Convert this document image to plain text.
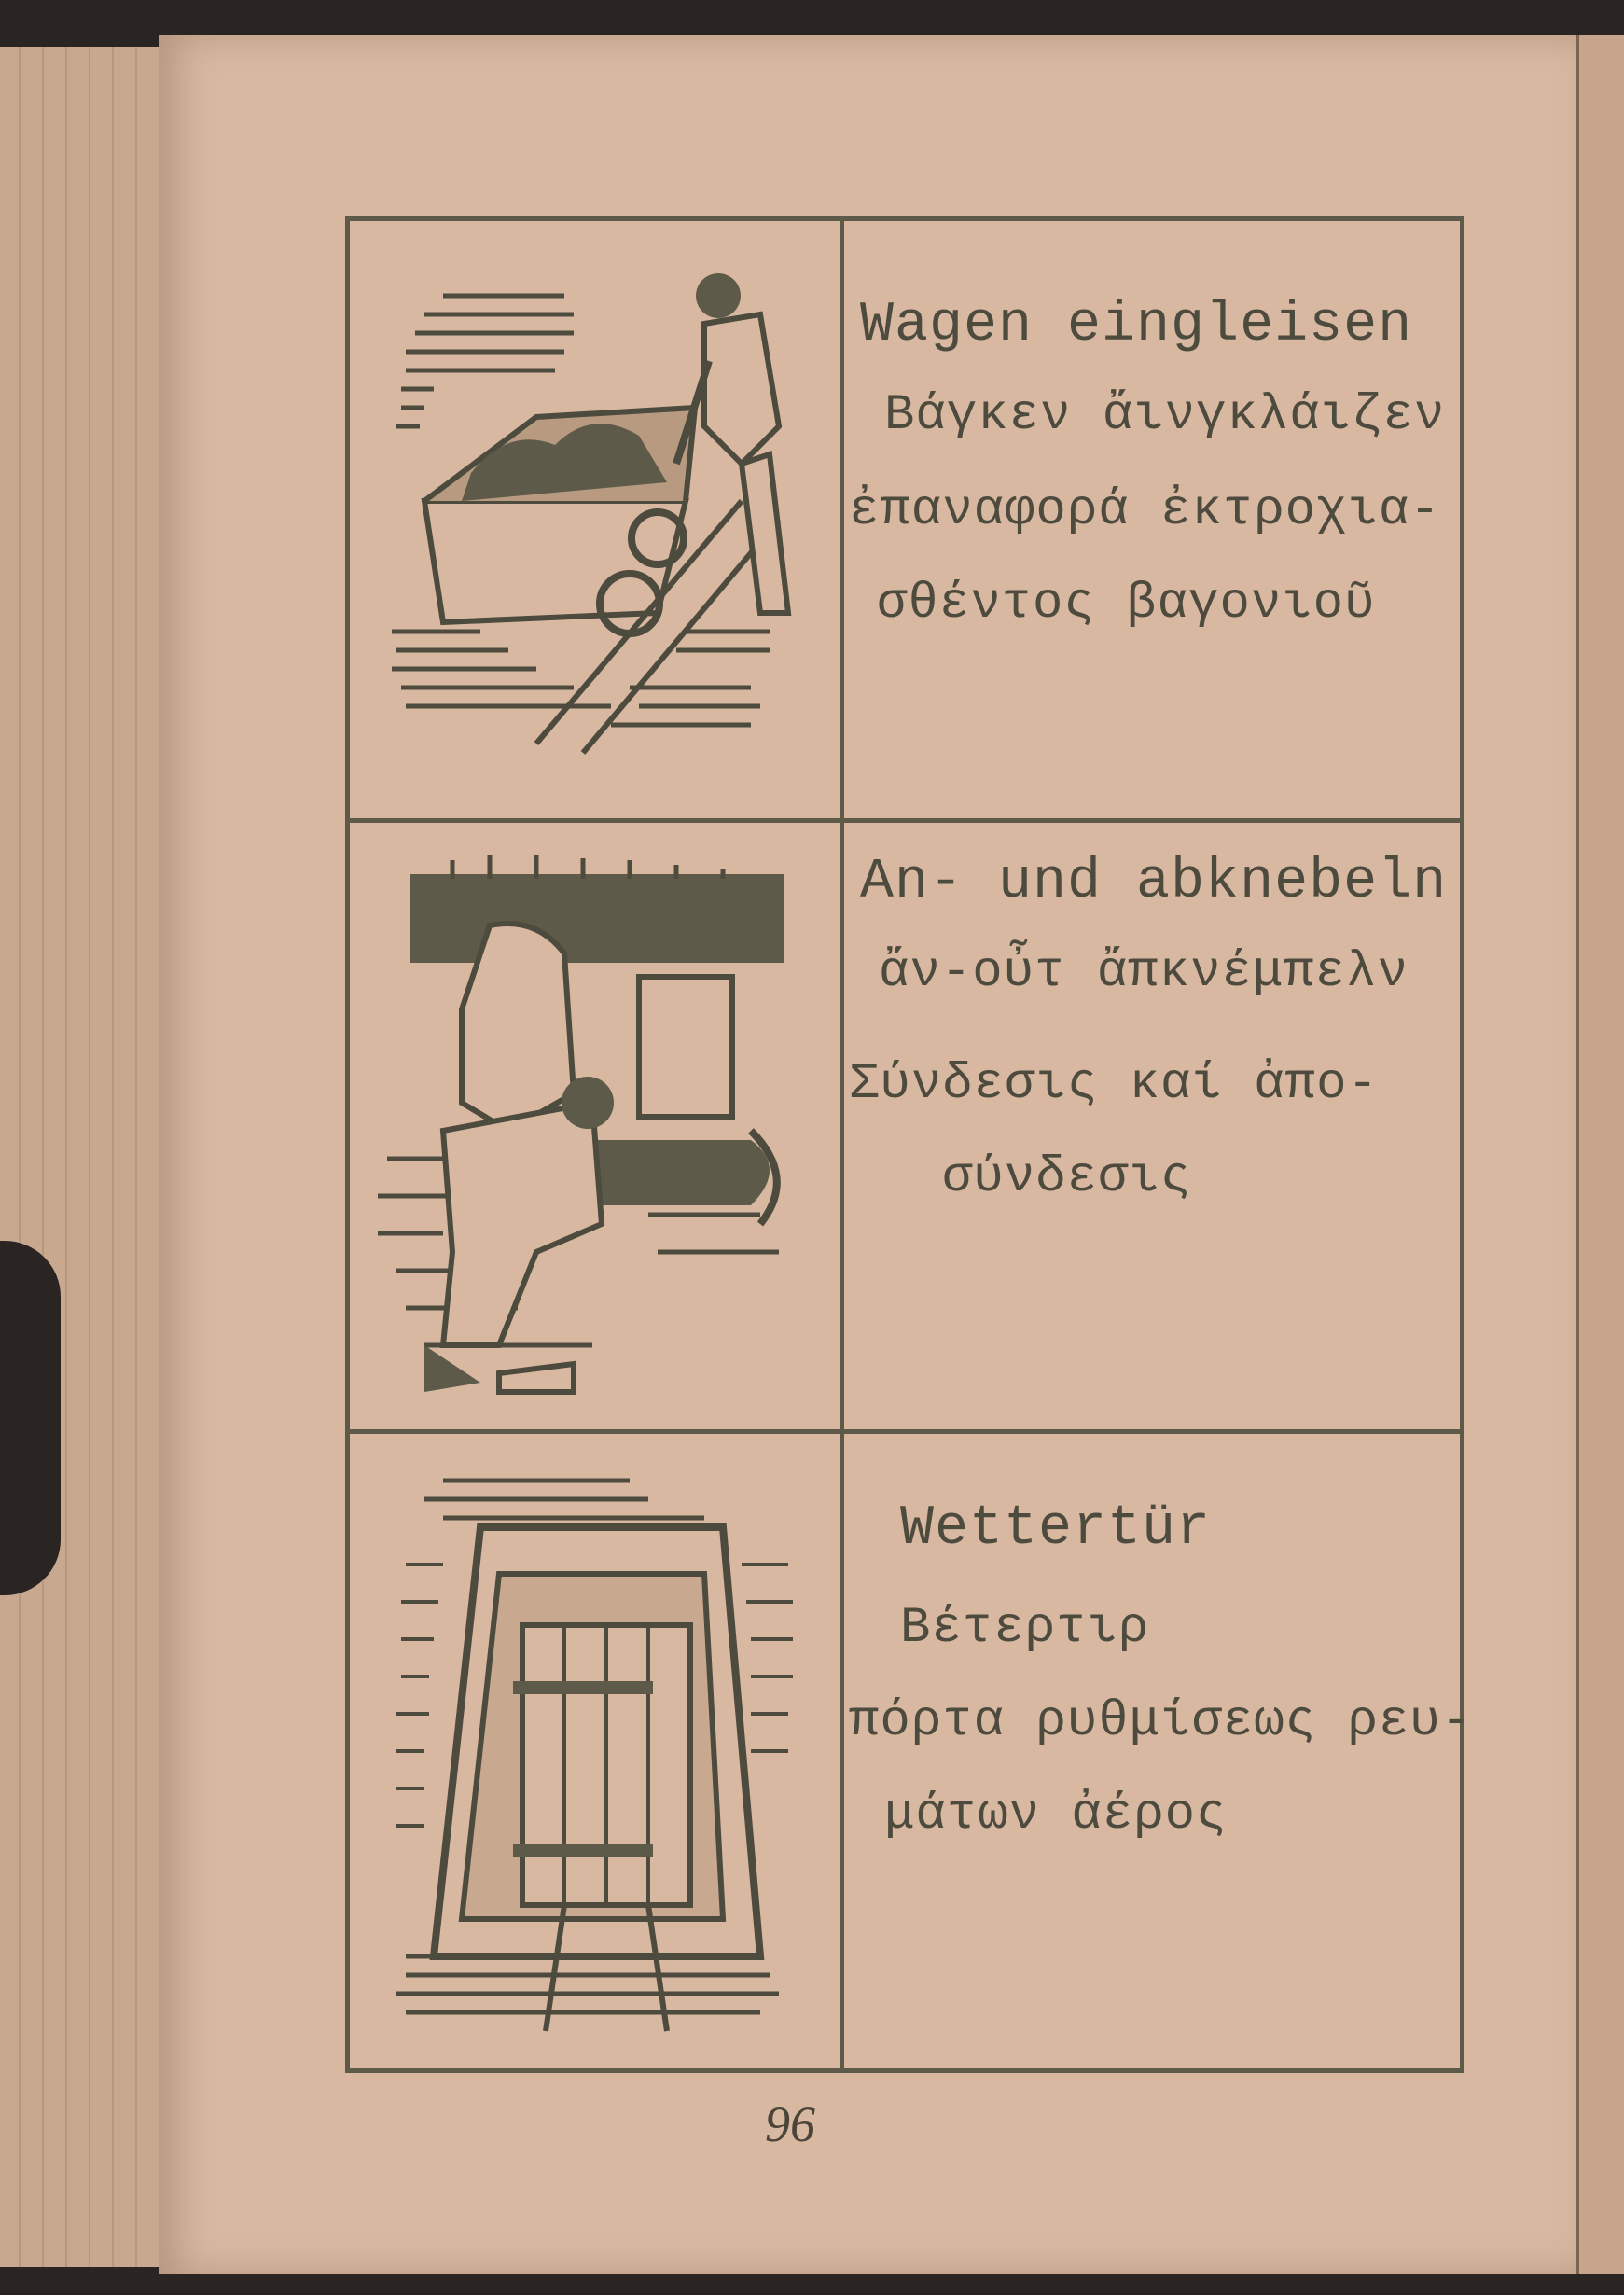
Wagen eingleisen
Βάγκεν ἄινγκλάιζεν
ἐπαναφορά ἐκτροχια-
σθέντος βαγονιοῦ
An- und abknebeln
ἄν-οὖτ ἄπκνέμπελν
Σύνδεσις καί ἀπο-
σύνδεσις
Wettertür
Βέτερτιρ
πόρτα ρυθμίσεως ρευ-
μάτων ἀέρος
96
